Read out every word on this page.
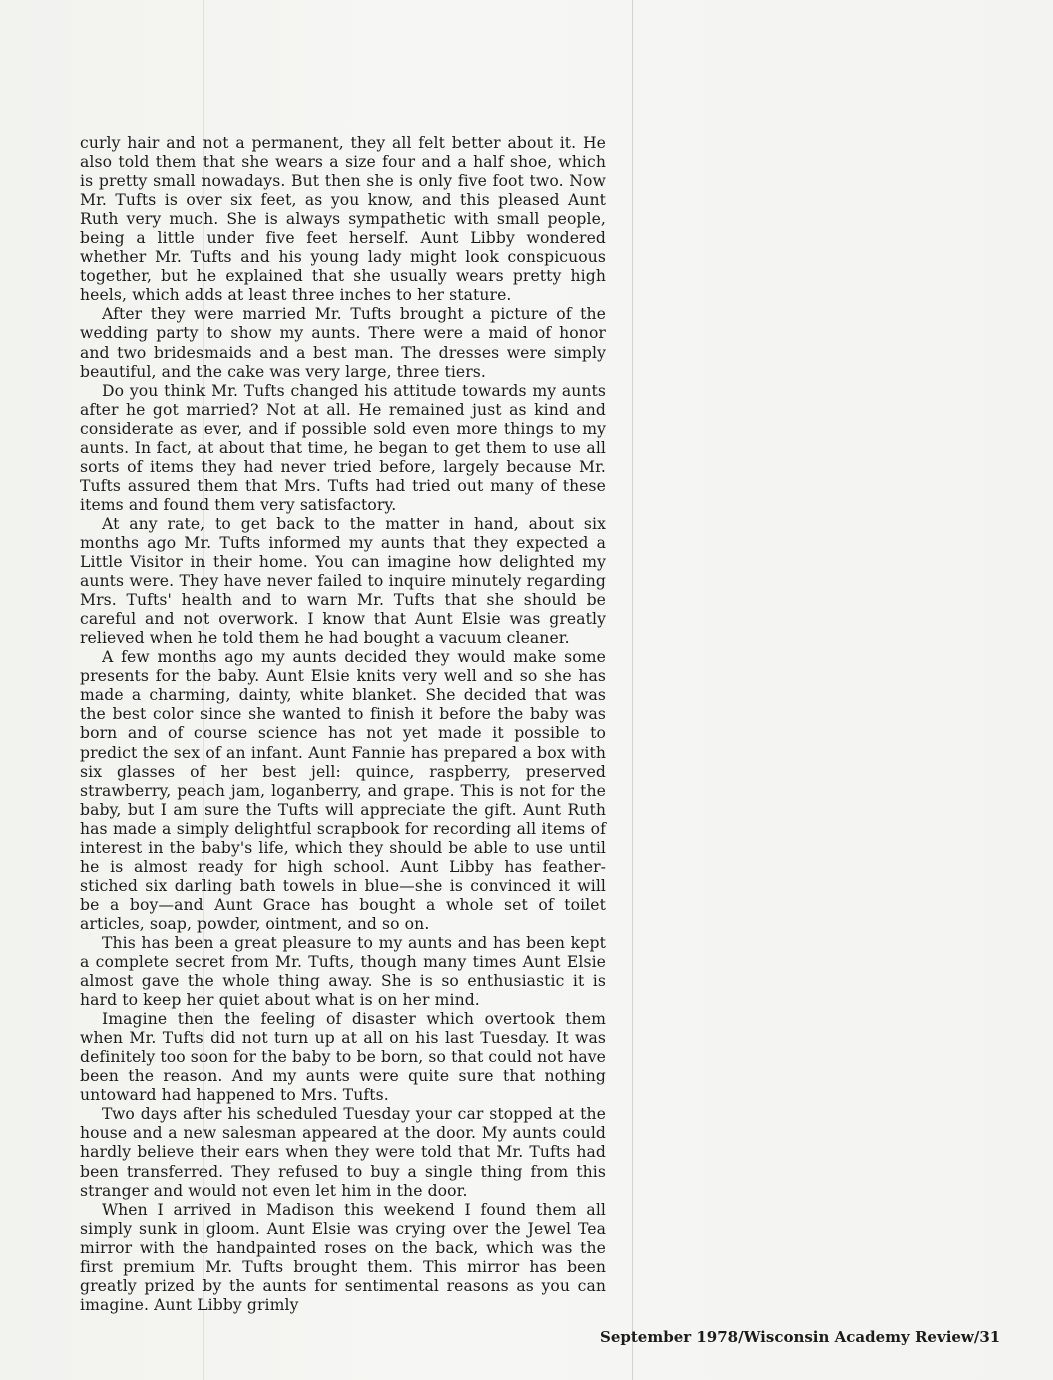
curly hair and not a permanent, they all felt better about it. He also told them that she wears a size four and a half shoe, which is pretty small nowadays. But then she is only five foot two. Now Mr. Tufts is over six feet, as you know, and this pleased Aunt Ruth very much. She is always sympathetic with small people, being a little under five feet herself. Aunt Libby wondered whether Mr. Tufts and his young lady might look conspicuous together, but he explained that she usually wears pretty high heels, which adds at least three inches to her stature.

After they were married Mr. Tufts brought a picture of the wedding party to show my aunts. There were a maid of honor and two bridesmaids and a best man. The dresses were simply beautiful, and the cake was very large, three tiers.

Do you think Mr. Tufts changed his attitude towards my aunts after he got married? Not at all. He remained just as kind and considerate as ever, and if possible sold even more things to my aunts. In fact, at about that time, he began to get them to use all sorts of items they had never tried before, largely because Mr. Tufts assured them that Mrs. Tufts had tried out many of these items and found them very satisfactory.

At any rate, to get back to the matter in hand, about six months ago Mr. Tufts informed my aunts that they expected a Little Visitor in their home. You can imagine how delighted my aunts were. They have never failed to inquire minutely regarding Mrs. Tufts' health and to warn Mr. Tufts that she should be careful and not overwork. I know that Aunt Elsie was greatly relieved when he told them he had bought a vacuum cleaner.

A few months ago my aunts decided they would make some presents for the baby. Aunt Elsie knits very well and so she has made a charming, dainty, white blanket. She decided that was the best color since she wanted to finish it before the baby was born and of course science has not yet made it possible to predict the sex of an infant. Aunt Fannie has prepared a box with six glasses of her best jell: quince, raspberry, preserved strawberry, peach jam, loganberry, and grape. This is not for the baby, but I am sure the Tufts will appreciate the gift. Aunt Ruth has made a simply delightful scrapbook for recording all items of interest in the baby's life, which they should be able to use until he is almost ready for high school. Aunt Libby has feather-stiched six darling bath towels in blue—she is convinced it will be a boy—and Aunt Grace has bought a whole set of toilet articles, soap, powder, ointment, and so on.

This has been a great pleasure to my aunts and has been kept a complete secret from Mr. Tufts, though many times Aunt Elsie almost gave the whole thing away. She is so enthusiastic it is hard to keep her quiet about what is on her mind.

Imagine then the feeling of disaster which overtook them when Mr. Tufts did not turn up at all on his last Tuesday. It was definitely too soon for the baby to be born, so that could not have been the reason. And my aunts were quite sure that nothing untoward had happened to Mrs. Tufts.

Two days after his scheduled Tuesday your car stopped at the house and a new salesman appeared at the door. My aunts could hardly believe their ears when they were told that Mr. Tufts had been transferred. They refused to buy a single thing from this stranger and would not even let him in the door.

When I arrived in Madison this weekend I found them all simply sunk in gloom. Aunt Elsie was crying over the Jewel Tea mirror with the handpainted roses on the back, which was the first premium Mr. Tufts brought them. This mirror has been greatly prized by the aunts for sentimental reasons as you can imagine. Aunt Libby grimly

September 1978/Wisconsin Academy Review/31
